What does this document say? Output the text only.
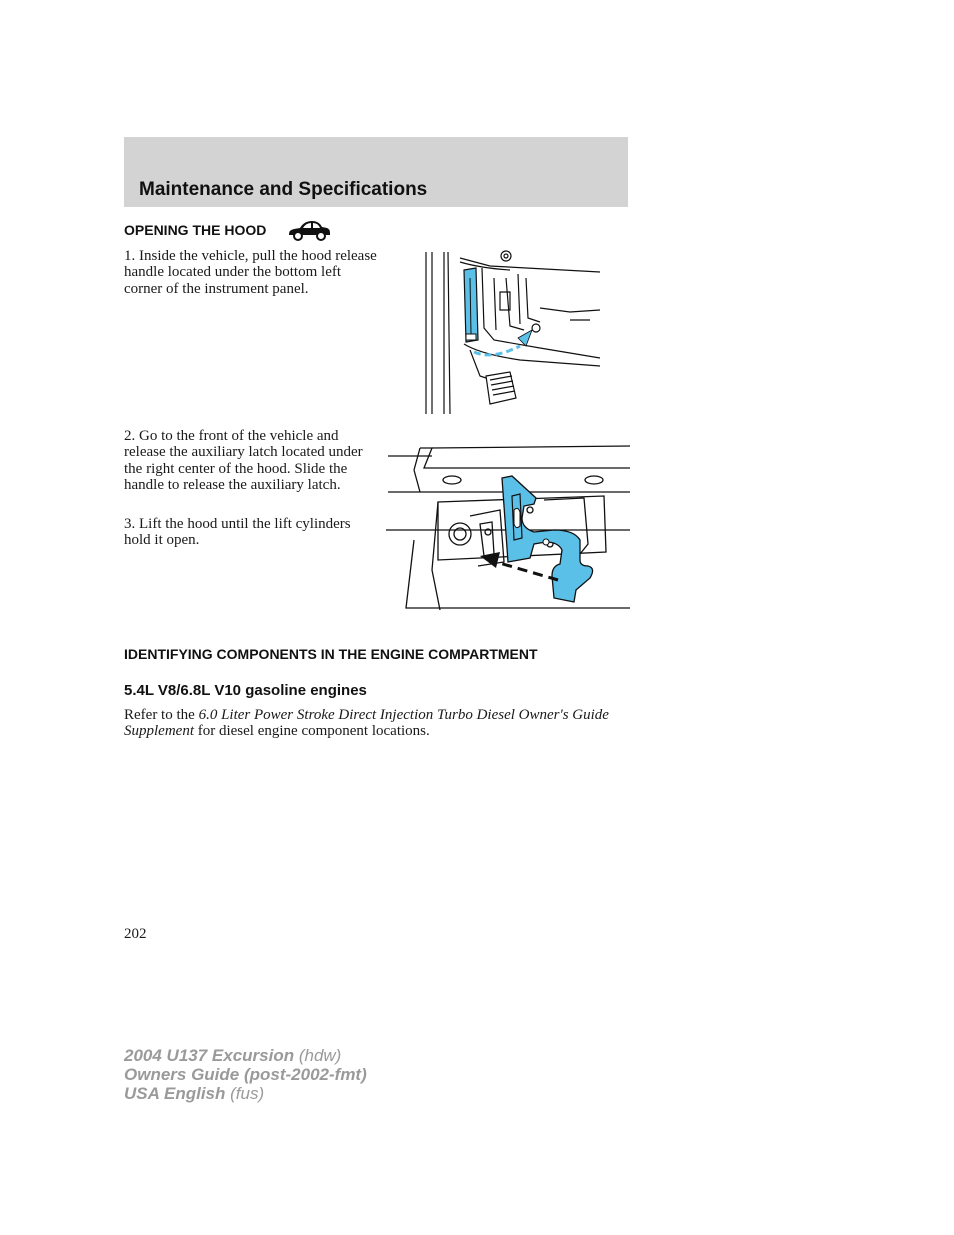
Maintenance and Specifications
OPENING THE HOOD

1. Inside the vehicle, pull the hood release handle located under the bottom left corner of the instrument panel.

2. Go to the front of the vehicle and release the auxiliary latch located under the right center of the hood. Slide the handle to release the auxiliary latch.

3. Lift the hood until the lift cylinders hold it open.

IDENTIFYING COMPONENTS IN THE ENGINE COMPARTMENT
5.4L V8/6.8L V10 gasoline engines

Refer to the 6.0 Liter Power Stroke Direct Injection Turbo Diesel Owner's Guide Supplement for diesel engine component locations.

202
2004 U137 Excursion (hdw)
Owners Guide (post-2002-fmt)
USA English (fus)
